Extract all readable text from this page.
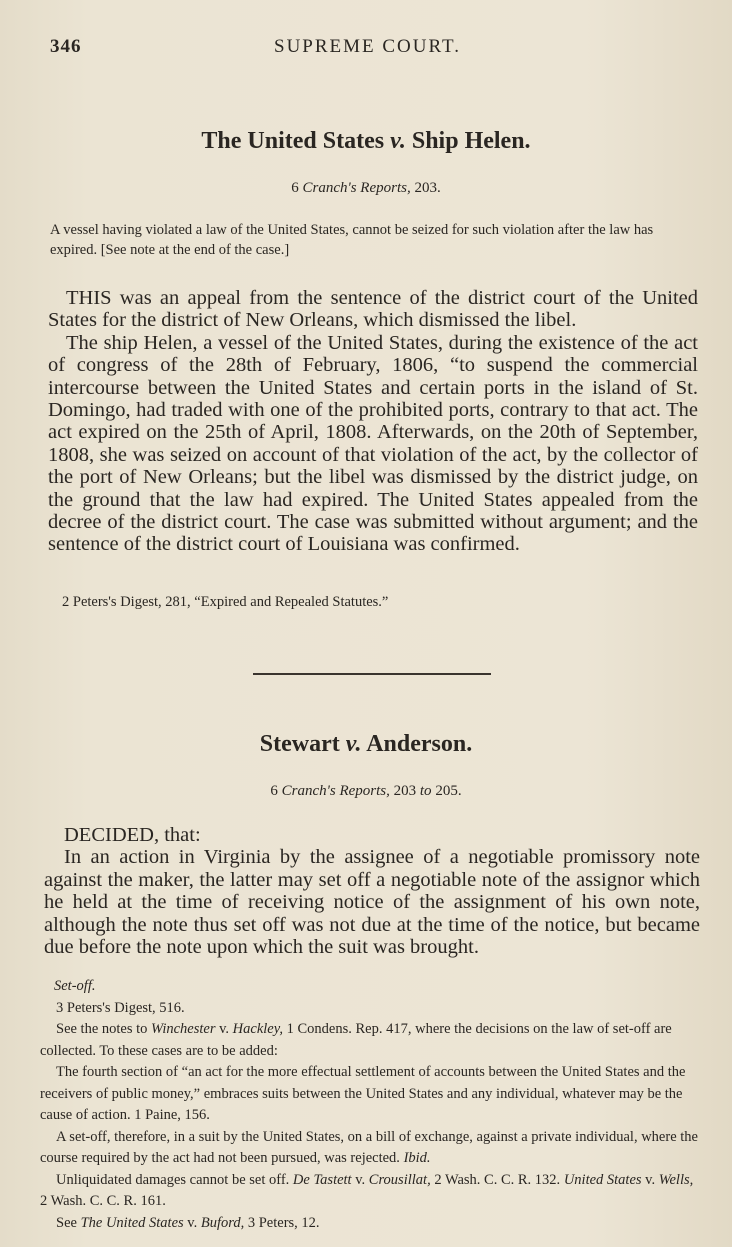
346	SUPREME COURT.
The United States v. Ship Helen.
6 Cranch's Reports, 203.
A vessel having violated a law of the United States, cannot be seized for such violation after the law has expired. [See note at the end of the case.]

THIS was an appeal from the sentence of the district court of the United States for the district of New Orleans, which dismissed the libel.

The ship Helen, a vessel of the United States, during the existence of the act of congress of the 28th of February, 1806, “to suspend the commercial intercourse between the United States and certain ports in the island of St. Domingo, had traded with one of the prohibited ports, contrary to that act. The act expired on the 25th of April, 1808. Afterwards, on the 20th of September, 1808, she was seized on account of that violation of the act, by the collector of the port of New Orleans; but the libel was dismissed by the district judge, on the ground that the law had expired. The United States appealed from the decree of the district court. The case was submitted without argument; and the sentence of the district court of Louisiana was confirmed.

2 Peters's Digest, 281, “Expired and Repealed Statutes.”
Stewart v. Anderson.
6 Cranch's Reports, 203 to 205.

DECIDED, that:

In an action in Virginia by the assignee of a negotiable promissory note against the maker, the latter may set off a negotiable note of the assignor which he held at the time of receiving notice of the assignment of his own note, although the note thus set off was not due at the time of the notice, but became due before the note upon which the suit was brought.

Set-off.

3 Peters's Digest, 516.

See the notes to Winchester v. Hackley, 1 Condens. Rep. 417, where the decisions on the law of set-off are collected. To these cases are to be added:

The fourth section of “an act for the more effectual settlement of accounts between the United States and the receivers of public money,” embraces suits between the United States and any individual, whatever may be the cause of action. 1 Paine, 156.

A set-off, therefore, in a suit by the United States, on a bill of exchange, against a private individual, where the course required by the act had not been pursued, was rejected. Ibid.

Unliquidated damages cannot be set off. De Tastett v. Crousillat, 2 Wash. C. C. R. 132. United States v. Wells, 2 Wash. C. C. R. 161.

See The United States v. Buford, 3 Peters, 12.
